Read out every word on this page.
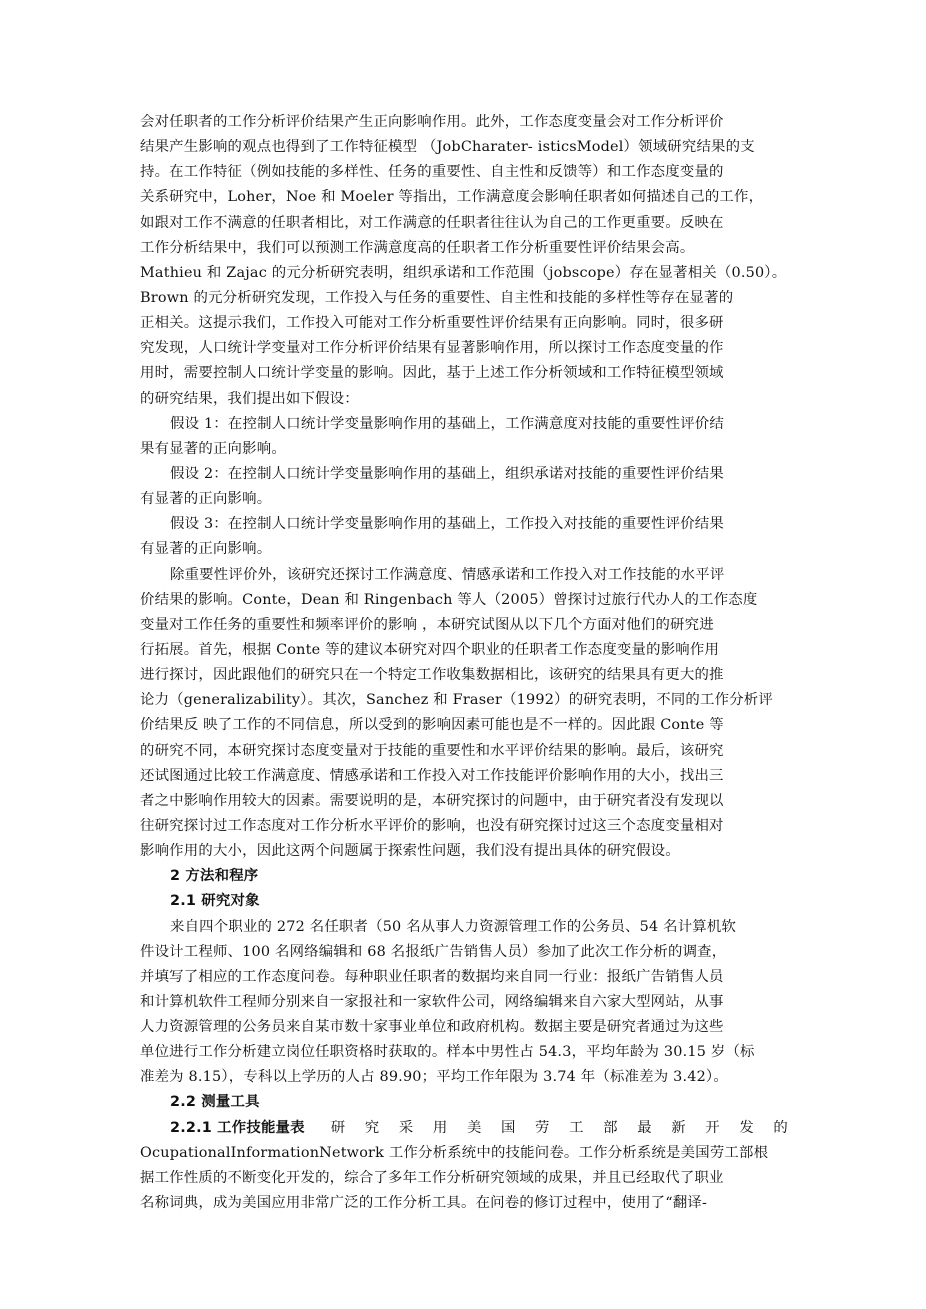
会对任职者的工作分析评价结果产生正向影响作用。此外，工作态度变量会对工作分析评价
结果产生影响的观点也得到了工作特征模型 （JobCharater- isticsModel）领域研究结果的支
持。在工作特征（例如技能的多样性、任务的重要性、自主性和反馈等）和工作态度变量的
关系研究中，Loher，Noe 和 Moeler 等指出，工作满意度会影响任职者如何描述自己的工作，
如跟对工作不满意的任职者相比，对工作满意的任职者往往认为自己的工作更重要。反映在
工作分析结果中，我们可以预测工作满意度高的任职者工作分析重要性评价结果会高。
Mathieu 和 Zajac 的元分析研究表明，组织承诺和工作范围（jobscope）存在显著相关（0.50）。
Brown 的元分析研究发现，工作投入与任务的重要性、自主性和技能的多样性等存在显著的
正相关。这提示我们，工作投入可能对工作分析重要性评价结果有正向影响。同时，很多研
究发现，人口统计学变量对工作分析评价结果有显著影响作用，所以探讨工作态度变量的作
用时，需要控制人口统计学变量的影响。因此，基于上述工作分析领域和工作特征模型领域
的研究结果，我们提出如下假设：
假设 1：在控制人口统计学变量影响作用的基础上，工作满意度对技能的重要性评价结
果有显著的正向影响。
假设 2：在控制人口统计学变量影响作用的基础上，组织承诺对技能的重要性评价结果
有显著的正向影响。
假设 3：在控制人口统计学变量影响作用的基础上，工作投入对技能的重要性评价结果
有显著的正向影响。
除重要性评价外，该研究还探讨工作满意度、情感承诺和工作投入对工作技能的水平评
价结果的影响。Conte，Dean 和 Ringenbach 等人（2005）曾探讨过旅行代办人的工作态度
变量对工作任务的重要性和频率评价的影响 ，本研究试图从以下几个方面对他们的研究进
行拓展。首先，根据 Conte 等的建议本研究对四个职业的任职者工作态度变量的影响作用
进行探讨，因此跟他们的研究只在一个特定工作收集数据相比，该研究的结果具有更大的推
论力（generalizability）。其次，Sanchez 和 Fraser（1992）的研究表明，不同的工作分析评
价结果反 映了工作的不同信息，所以受到的影响因素可能也是不一样的。因此跟 Conte 等
的研究不同，本研究探讨态度变量对于技能的重要性和水平评价结果的影响。最后，该研究
还试图通过比较工作满意度、情感承诺和工作投入对工作技能评价影响作用的大小，找出三
者之中影响作用较大的因素。需要说明的是，本研究探讨的问题中，由于研究者没有发现以
往研究探讨过工作态度对工作分析水平评价的影响，也没有研究探讨过这三个态度变量相对
影响作用的大小，因此这两个问题属于探索性问题，我们没有提出具体的研究假设。
2 方法和程序
2.1 研究对象
来自四个职业的 272 名任职者（50 名从事人力资源管理工作的公务员、54 名计算机软
件设计工程师、100 名网络编辑和 68 名报纸广告销售人员）参加了此次工作分析的调查，
并填写了相应的工作态度问卷。每种职业任职者的数据均来自同一行业：报纸广告销售人员
和计算机软件工程师分别来自一家报社和一家软件公司，网络编辑来自六家大型网站，从事
人力资源管理的公务员来自某市数十家事业单位和政府机构。数据主要是研究者通过为这些
单位进行工作分析建立岗位任职资格时获取的。样本中男性占 54.3，平均年龄为 30.15 岁（标
准差为 8.15），专科以上学历的人占 89.90；平均工作年限为 3.74 年（标准差为 3.42）。
2.2 测量工具
2.2.1 工作技能量表 研 究 采 用 美 国 劳 工 部 最 新 开 发 的
OcupationalInformationNetwork 工作分析系统中的技能问卷。工作分析系统是美国劳工部根
据工作性质的不断变化开发的，综合了多年工作分析研究领域的成果，并且已经取代了职业
名称词典，成为美国应用非常广泛的工作分析工具。在问卷的修订过程中，使用了“翻译-
